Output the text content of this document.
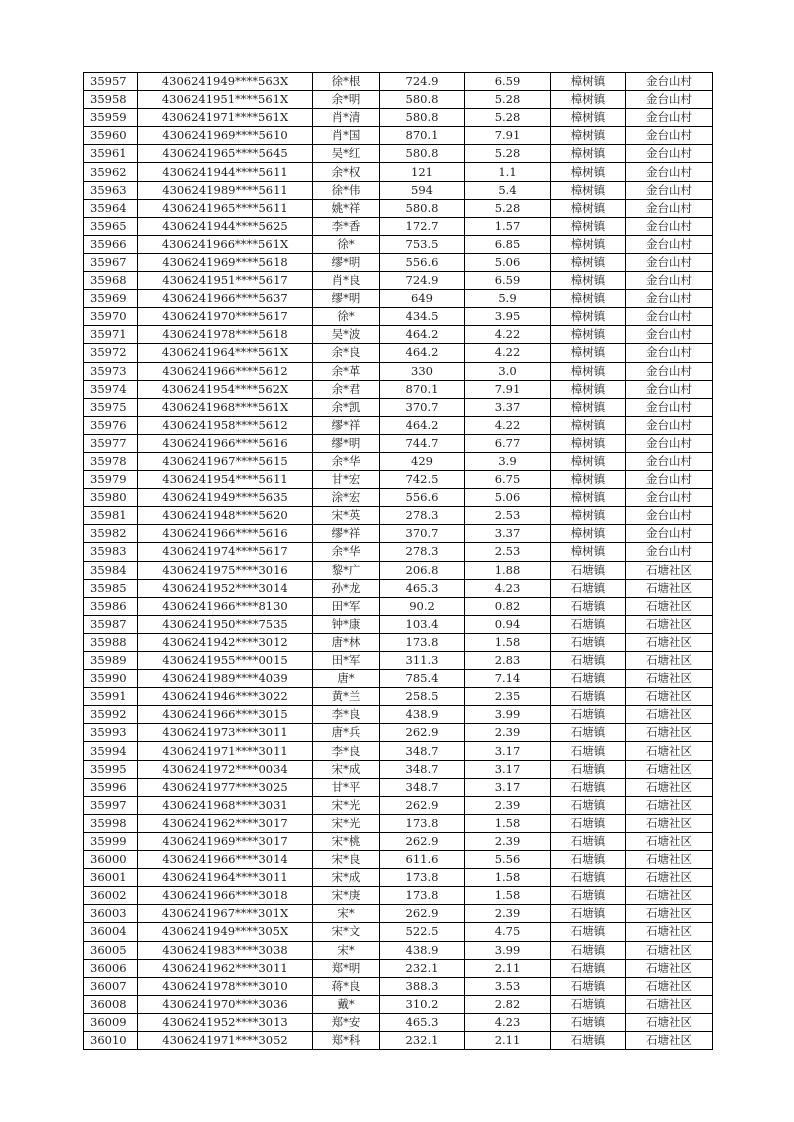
35957	4306241949****563X	徐*根	724.9	6.59	樟树镇	金台山村
35958	4306241951****561X	余*明	580.8	5.28	樟树镇	金台山村
35959	4306241971****561X	肖*清	580.8	5.28	樟树镇	金台山村
35960	4306241969****5610	肖*国	870.1	7.91	樟树镇	金台山村
35961	4306241965****5645	吴*红	580.8	5.28	樟树镇	金台山村
35962	4306241944****5611	余*权	121	1.1	樟树镇	金台山村
35963	4306241989****5611	徐*伟	594	5.4	樟树镇	金台山村
35964	4306241965****5611	姚*祥	580.8	5.28	樟树镇	金台山村
35965	4306241944****5625	李*香	172.7	1.57	樟树镇	金台山村
35966	4306241966****561X	徐*	753.5	6.85	樟树镇	金台山村
35967	4306241969****5618	缪*明	556.6	5.06	樟树镇	金台山村
35968	4306241951****5617	肖*良	724.9	6.59	樟树镇	金台山村
35969	4306241966****5637	缪*明	649	5.9	樟树镇	金台山村
35970	4306241970****5617	徐*	434.5	3.95	樟树镇	金台山村
35971	4306241978****5618	吴*波	464.2	4.22	樟树镇	金台山村
35972	4306241964****561X	余*良	464.2	4.22	樟树镇	金台山村
35973	4306241966****5612	余*革	330	3.0	樟树镇	金台山村
35974	4306241954****562X	余*君	870.1	7.91	樟树镇	金台山村
35975	4306241968****561X	余*凯	370.7	3.37	樟树镇	金台山村
35976	4306241958****5612	缪*祥	464.2	4.22	樟树镇	金台山村
35977	4306241966****5616	缪*明	744.7	6.77	樟树镇	金台山村
35978	4306241967****5615	余*华	429	3.9	樟树镇	金台山村
35979	4306241954****5611	甘*宏	742.5	6.75	樟树镇	金台山村
35980	4306241949****5635	涂*宏	556.6	5.06	樟树镇	金台山村
35981	4306241948****5620	宋*英	278.3	2.53	樟树镇	金台山村
35982	4306241966****5616	缪*祥	370.7	3.37	樟树镇	金台山村
35983	4306241974****5617	余*华	278.3	2.53	樟树镇	金台山村
35984	4306241975****3016	黎*广	206.8	1.88	石塘镇	石塘社区
35985	4306241952****3014	孙*龙	465.3	4.23	石塘镇	石塘社区
35986	4306241966****8130	田*军	90.2	0.82	石塘镇	石塘社区
35987	4306241950****7535	钟*康	103.4	0.94	石塘镇	石塘社区
35988	4306241942****3012	唐*林	173.8	1.58	石塘镇	石塘社区
35989	4306241955****0015	田*军	311.3	2.83	石塘镇	石塘社区
35990	4306241989****4039	唐*	785.4	7.14	石塘镇	石塘社区
35991	4306241946****3022	黄*兰	258.5	2.35	石塘镇	石塘社区
35992	4306241966****3015	李*良	438.9	3.99	石塘镇	石塘社区
35993	4306241973****3011	唐*兵	262.9	2.39	石塘镇	石塘社区
35994	4306241971****3011	李*良	348.7	3.17	石塘镇	石塘社区
35995	4306241972****0034	宋*成	348.7	3.17	石塘镇	石塘社区
35996	4306241977****3025	甘*平	348.7	3.17	石塘镇	石塘社区
35997	4306241968****3031	宋*光	262.9	2.39	石塘镇	石塘社区
35998	4306241962****3017	宋*光	173.8	1.58	石塘镇	石塘社区
35999	4306241969****3017	宋*桃	262.9	2.39	石塘镇	石塘社区
36000	4306241966****3014	宋*良	611.6	5.56	石塘镇	石塘社区
36001	4306241964****3011	宋*成	173.8	1.58	石塘镇	石塘社区
36002	4306241966****3018	宋*庚	173.8	1.58	石塘镇	石塘社区
36003	4306241967****301X	宋*	262.9	2.39	石塘镇	石塘社区
36004	4306241949****305X	宋*文	522.5	4.75	石塘镇	石塘社区
36005	4306241983****3038	宋*	438.9	3.99	石塘镇	石塘社区
36006	4306241962****3011	郑*明	232.1	2.11	石塘镇	石塘社区
36007	4306241978****3010	蒋*良	388.3	3.53	石塘镇	石塘社区
36008	4306241970****3036	戴*	310.2	2.82	石塘镇	石塘社区
36009	4306241952****3013	郑*安	465.3	4.23	石塘镇	石塘社区
36010	4306241971****3052	郑*科	232.1	2.11	石塘镇	石塘社区
